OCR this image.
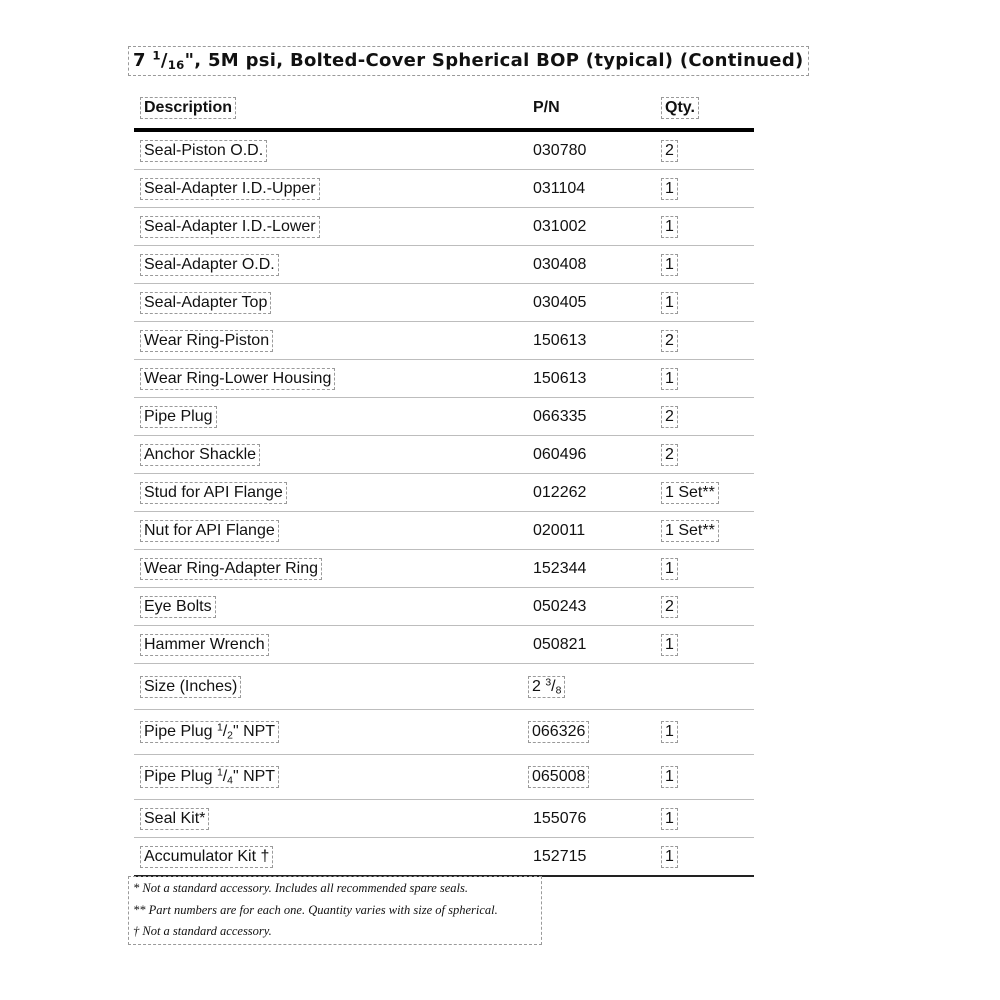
7 $^1/_{16}$", 5M psi, Bolted-Cover Spherical BOP (typical) (Continued)
Description	P/N	Qty.
Seal-Piston O.D.	030780	2
Seal-Adapter I.D.-Upper	031104	1
Seal-Adapter I.D.-Lower	031002	1
Seal-Adapter O.D.	030408	1
Seal-Adapter Top	030405	1
Wear Ring-Piston	150613	2
Wear Ring-Lower Housing	150613	1
Pipe Plug	066335	2
Anchor Shackle	060496	2
Stud for API Flange	012262	1 Set**
Nut for API Flange	020011	1 Set**
Wear Ring-Adapter Ring	152344	1
Eye Bolts	050243	2
Hammer Wrench	050821	1
Size (Inches)	2 $^3/_8$
Pipe Plug $^1/_2$" NPT	066326	1
Pipe Plug $^1/_4$" NPT	065008	1
Seal Kit*	155076	1
Accumulator Kit †	152715	1
* Not a standard accessory. Includes all recommended spare seals.
** Part numbers are for each one. Quantity varies with size of spherical.
† Not a standard accessory.
